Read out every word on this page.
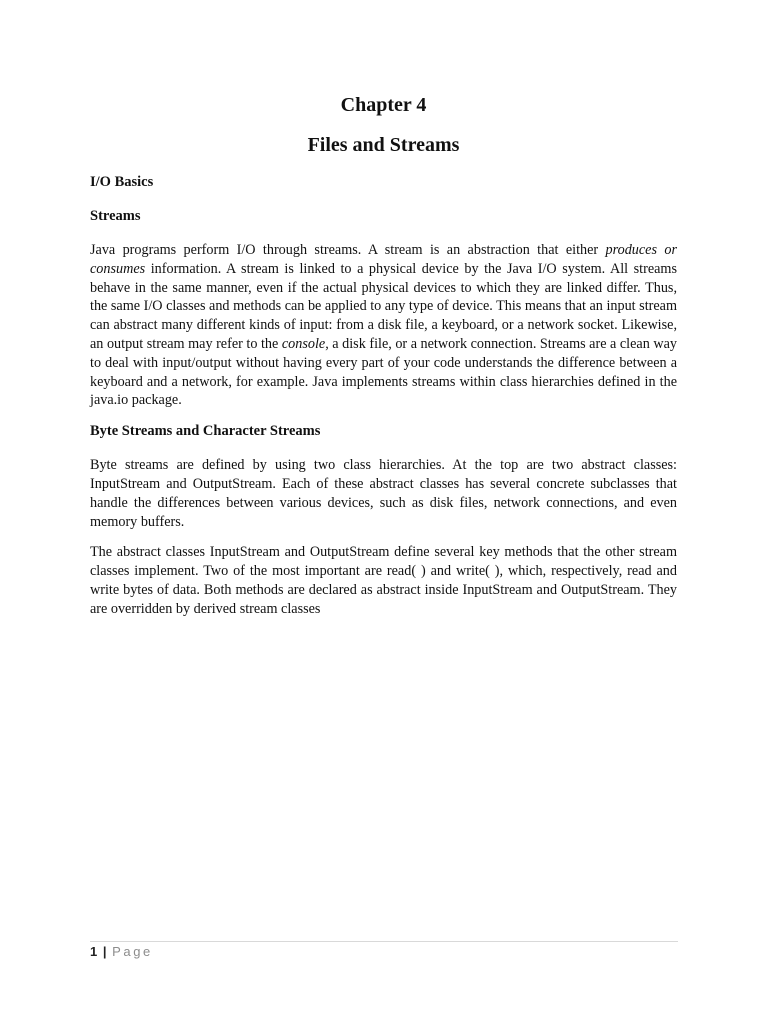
Chapter 4
Files and Streams
I/O Basics
Streams

Java programs perform I/O through streams. A stream is an abstraction that either produces or consumes information. A stream is linked to a physical device by the Java I/O system. All streams behave in the same manner, even if the actual physical devices to which they are linked differ. Thus, the same I/O classes and methods can be applied to any type of device. This means that an input stream can abstract many different kinds of input: from a disk file, a keyboard, or a network socket. Likewise, an output stream may refer to the console, a disk file, or a network connection. Streams are a clean way to deal with input/output without having every part of your code understands the difference between a keyboard and a network, for example. Java implements streams within class hierarchies defined in the java.io package.

Byte Streams and Character Streams

Byte streams are defined by using two class hierarchies. At the top are two abstract classes: InputStream and OutputStream. Each of these abstract classes has several concrete subclasses that handle the differences between various devices, such as disk files, network connections, and even memory buffers.

The abstract classes InputStream and OutputStream define several key methods that the other stream classes implement. Two of the most important are read( ) and write( ), which, respectively, read and write bytes of data. Both methods are declared as abstract inside InputStream and OutputStream. They are overridden by derived stream classes

1 | Page
